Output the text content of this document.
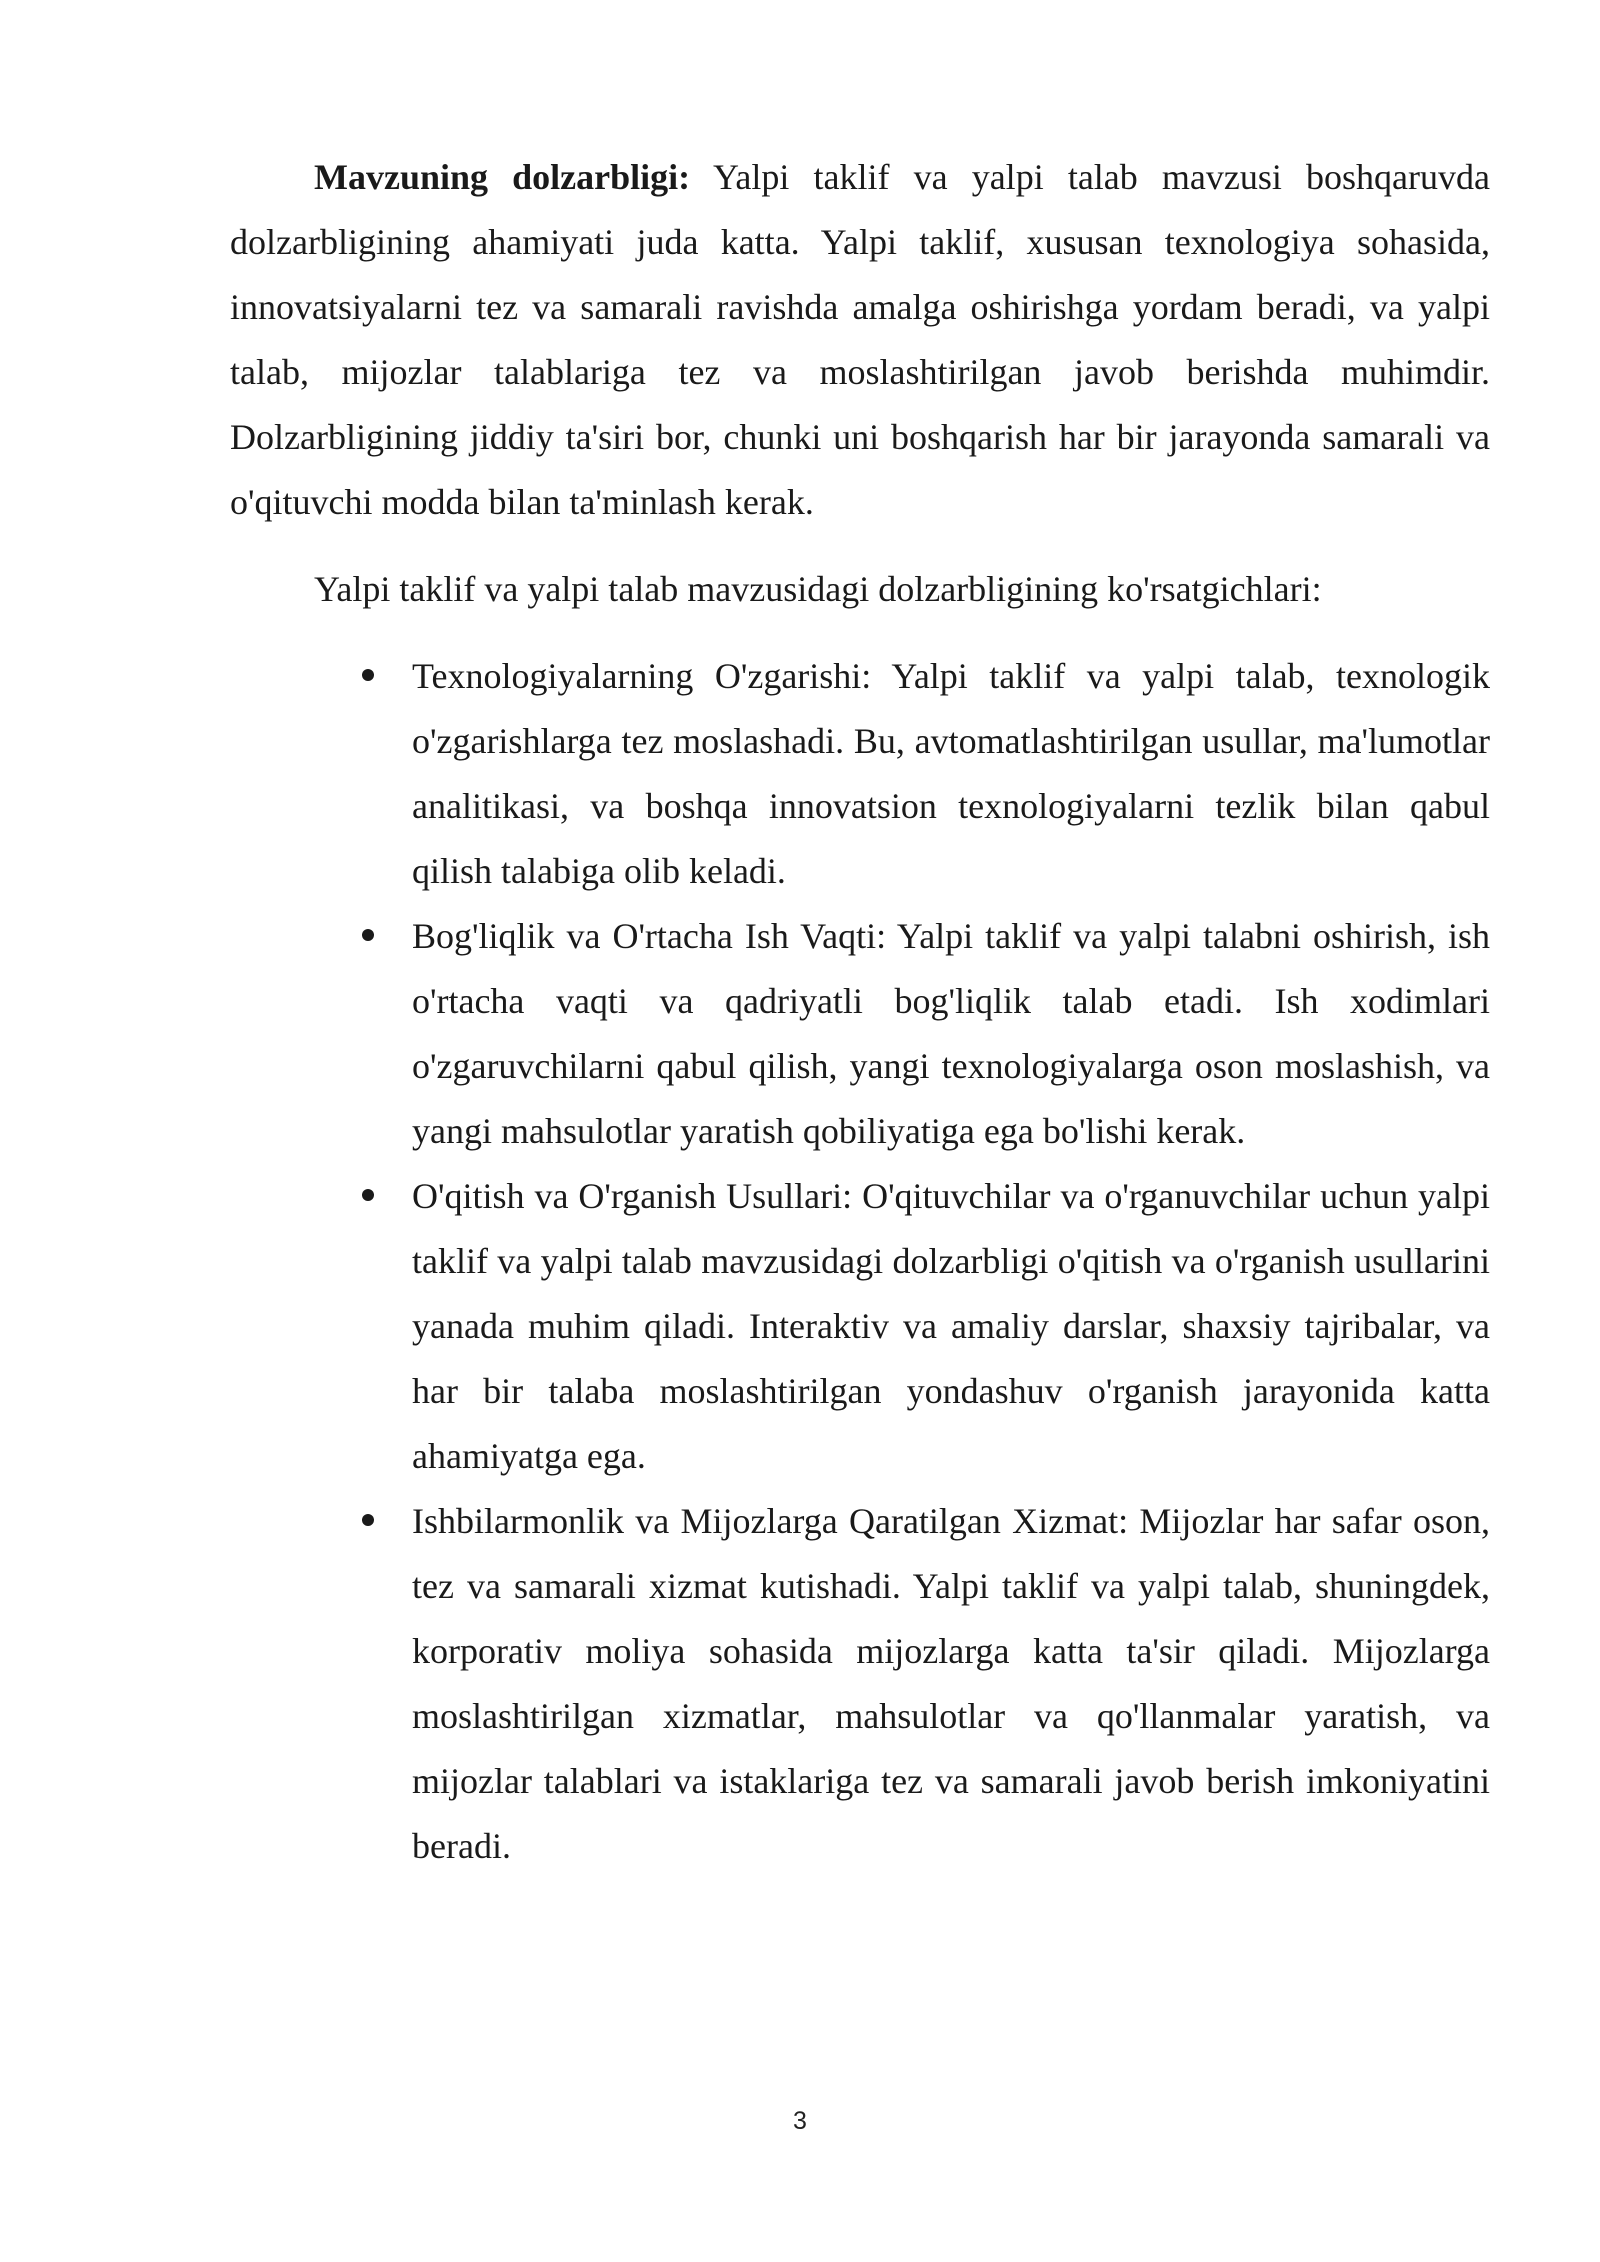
Mavzuning dolzarbligi: Yalpi taklif va yalpi talab mavzusi boshqaruvda dolzarbligining ahamiyati juda katta. Yalpi taklif, xususan texnologiya sohasida, innovatsiyalarni tez va samarali ravishda amalga oshirishga yordam beradi, va yalpi talab, mijozlar talablariga tez va moslashtirilgan javob berishda muhimdir. Dolzarbligining jiddiy ta'siri bor, chunki uni boshqarish har bir jarayonda samarali va o'qituvchi modda bilan ta'minlash kerak.

Yalpi taklif va yalpi talab mavzusidagi dolzarbligining ko'rsatgichlari:

Texnologiyalarning O'zgarishi: Yalpi taklif va yalpi talab, texnologik o'zgarishlarga tez moslashadi. Bu, avtomatlashtirilgan usullar, ma'lumotlar analitikasi, va boshqa innovatsion texnologiyalarni tezlik bilan qabul qilish talabiga olib keladi.
Bog'liqlik va O'rtacha Ish Vaqti: Yalpi taklif va yalpi talabni oshirish, ish o'rtacha vaqti va qadriyatli bog'liqlik talab etadi. Ish xodimlari o'zgaruvchilarni qabul qilish, yangi texnologiyalarga oson moslashish, va yangi mahsulotlar yaratish qobiliyatiga ega bo'lishi kerak.
O'qitish va O'rganish Usullari: O'qituvchilar va o'rganuvchilar uchun yalpi taklif va yalpi talab mavzusidagi dolzarbligi o'qitish va o'rganish usullarini yanada muhim qiladi. Interaktiv va amaliy darslar, shaxsiy tajribalar, va har bir talaba moslashtirilgan yondashuv o'rganish jarayonida katta ahamiyatga ega.
Ishbilarmonlik va Mijozlarga Qaratilgan Xizmat: Mijozlar har safar oson, tez va samarali xizmat kutishadi. Yalpi taklif va yalpi talab, shuningdek, korporativ moliya sohasida mijozlarga katta ta'sir qiladi. Mijozlarga moslashtirilgan xizmatlar, mahsulotlar va qo'llanmalar yaratish, va mijozlar talablari va istaklariga tez va samarali javob berish imkoniyatini beradi.
3
